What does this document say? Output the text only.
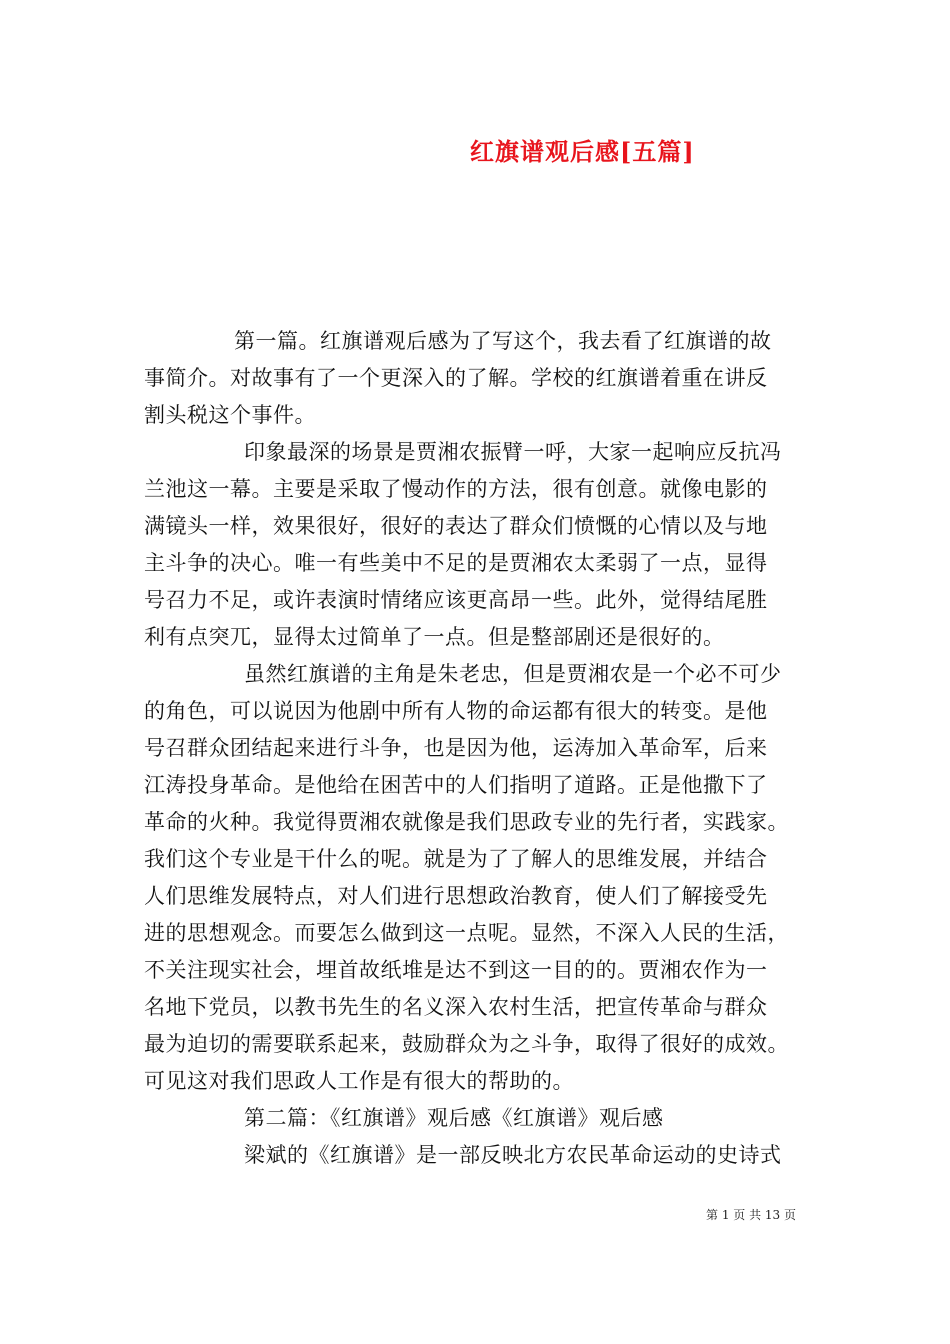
红旗谱观后感[五篇]
第一篇。红旗谱观后感为了写这个，我去看了红旗谱的故
事简介。对故事有了一个更深入的了解。学校的红旗谱着重在讲反
割头税这个事件。
印象最深的场景是贾湘农振臂一呼，大家一起响应反抗冯
兰池这一幕。主要是采取了慢动作的方法，很有创意。就像电影的
满镜头一样，效果很好，很好的表达了群众们愤慨的心情以及与地
主斗争的决心。唯一有些美中不足的是贾湘农太柔弱了一点，显得
号召力不足，或许表演时情绪应该更高昂一些。此外，觉得结尾胜
利有点突兀，显得太过简单了一点。但是整部剧还是很好的。
虽然红旗谱的主角是朱老忠，但是贾湘农是一个必不可少
的角色，可以说因为他剧中所有人物的命运都有很大的转变。是他
号召群众团结起来进行斗争，也是因为他，运涛加入革命军，后来
江涛投身革命。是他给在困苦中的人们指明了道路。正是他撒下了
革命的火种。我觉得贾湘农就像是我们思政专业的先行者，实践家。
我们这个专业是干什么的呢。就是为了了解人的思维发展，并结合
人们思维发展特点，对人们进行思想政治教育，使人们了解接受先
进的思想观念。而要怎么做到这一点呢。显然，不深入人民的生活，
不关注现实社会，埋首故纸堆是达不到这一目的的。贾湘农作为一
名地下党员，以教书先生的名义深入农村生活，把宣传革命与群众
最为迫切的需要联系起来，鼓励群众为之斗争，取得了很好的成效。
可见这对我们思政人工作是有很大的帮助的。
第二篇：《红旗谱》观后感《红旗谱》观后感
梁斌的《红旗谱》是一部反映北方农民革命运动的史诗式
第 1 页 共 13 页
